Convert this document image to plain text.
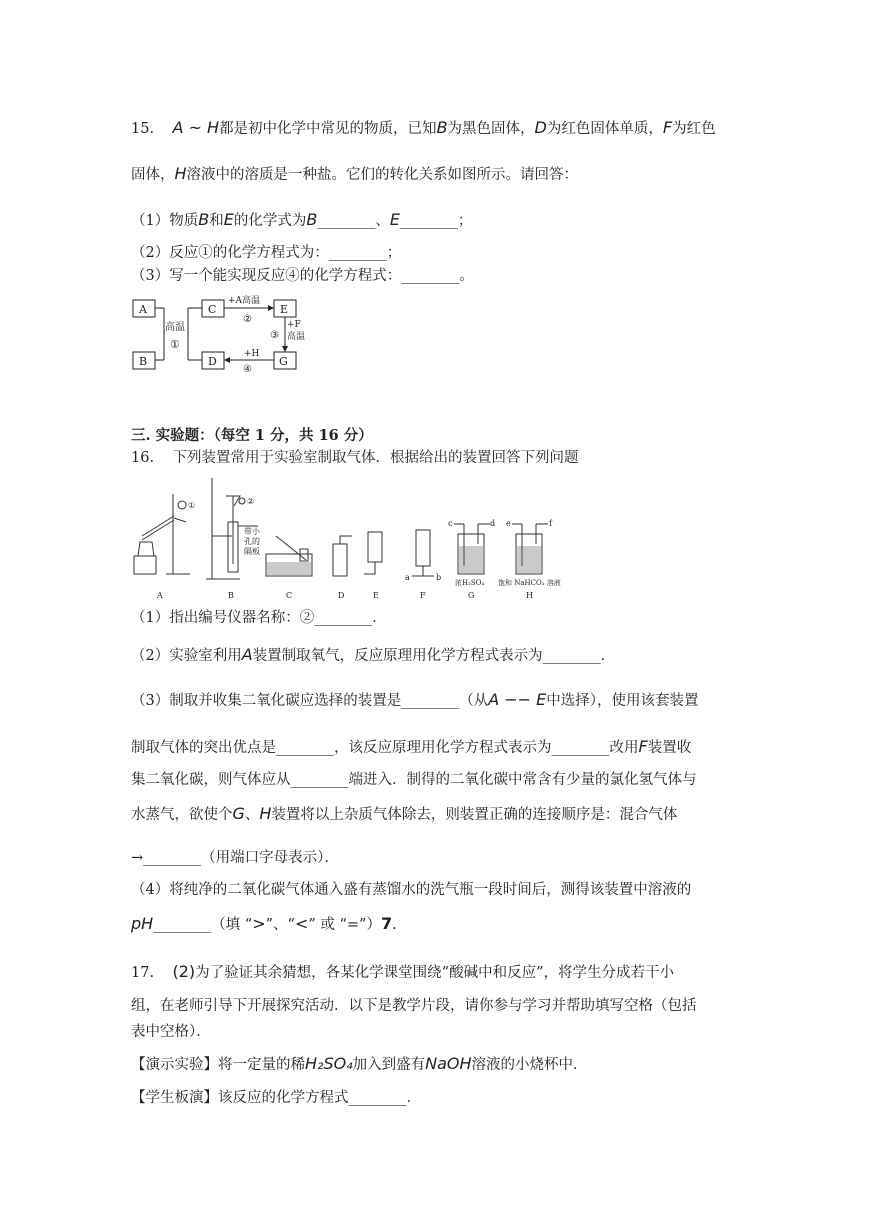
15. A ~ H都是初中化学中常见的物质，已知B为黑色固体，D为红色固体单质，F为红色
固体，H溶液中的溶质是一种盐。它们的转化关系如图所示。请回答：
（1）物质B和E的化学式为B________、E________；
（2）反应①的化学方程式为：________；
（3）写一个能实现反应④的化学方程式：________。
A
B
C
D
E
G
高温
①
+A高温
②
③
+F
高温
+H
④
三. 实验题：（每空 1 分，共 16 分）
16. 下列装置常用于实验室制取气体．根据给出的装置回答下列问题
①	②
带小
孔的
隔板
a	b
c	d e	f
浓H₂SO₄ 饱和 NaHCO₃ 溶液
A	B	C	D	E	F	G	H
（1）指出编号仪器名称：②________．
（2）实验室利用A装置制取氧气，反应原理用化学方程式表示为________．
（3）制取并收集二氧化碳应选择的装置是________（从A −− E中选择），使用该套装置
制取气体的突出优点是________，该反应原理用化学方程式表示为________改用F装置收
集二氧化碳，则气体应从________端进入．制得的二氧化碳中常含有少量的氯化氢气体与
水蒸气，欲使个G、H装置将以上杂质气体除去，则装置正确的连接顺序是：混合气体
→________（用端口字母表示）．
（4）将纯净的二氧化碳气体通入盛有蒸馏水的洗气瓶一段时间后，测得该装置中溶液的
pH________（填 “>”、“<” 或 “=”）7.
17. (2)为了验证其余猜想，各某化学课堂围绕“酸碱中和反应”，将学生分成若干小
组，在老师引导下开展探究活动．以下是教学片段，请你参与学习并帮助填写空格（包括
表中空格）．
【演示实验】将一定量的稀H₂SO₄加入到盛有NaOH溶液的小烧杯中．
【学生板演】该反应的化学方程式________．
